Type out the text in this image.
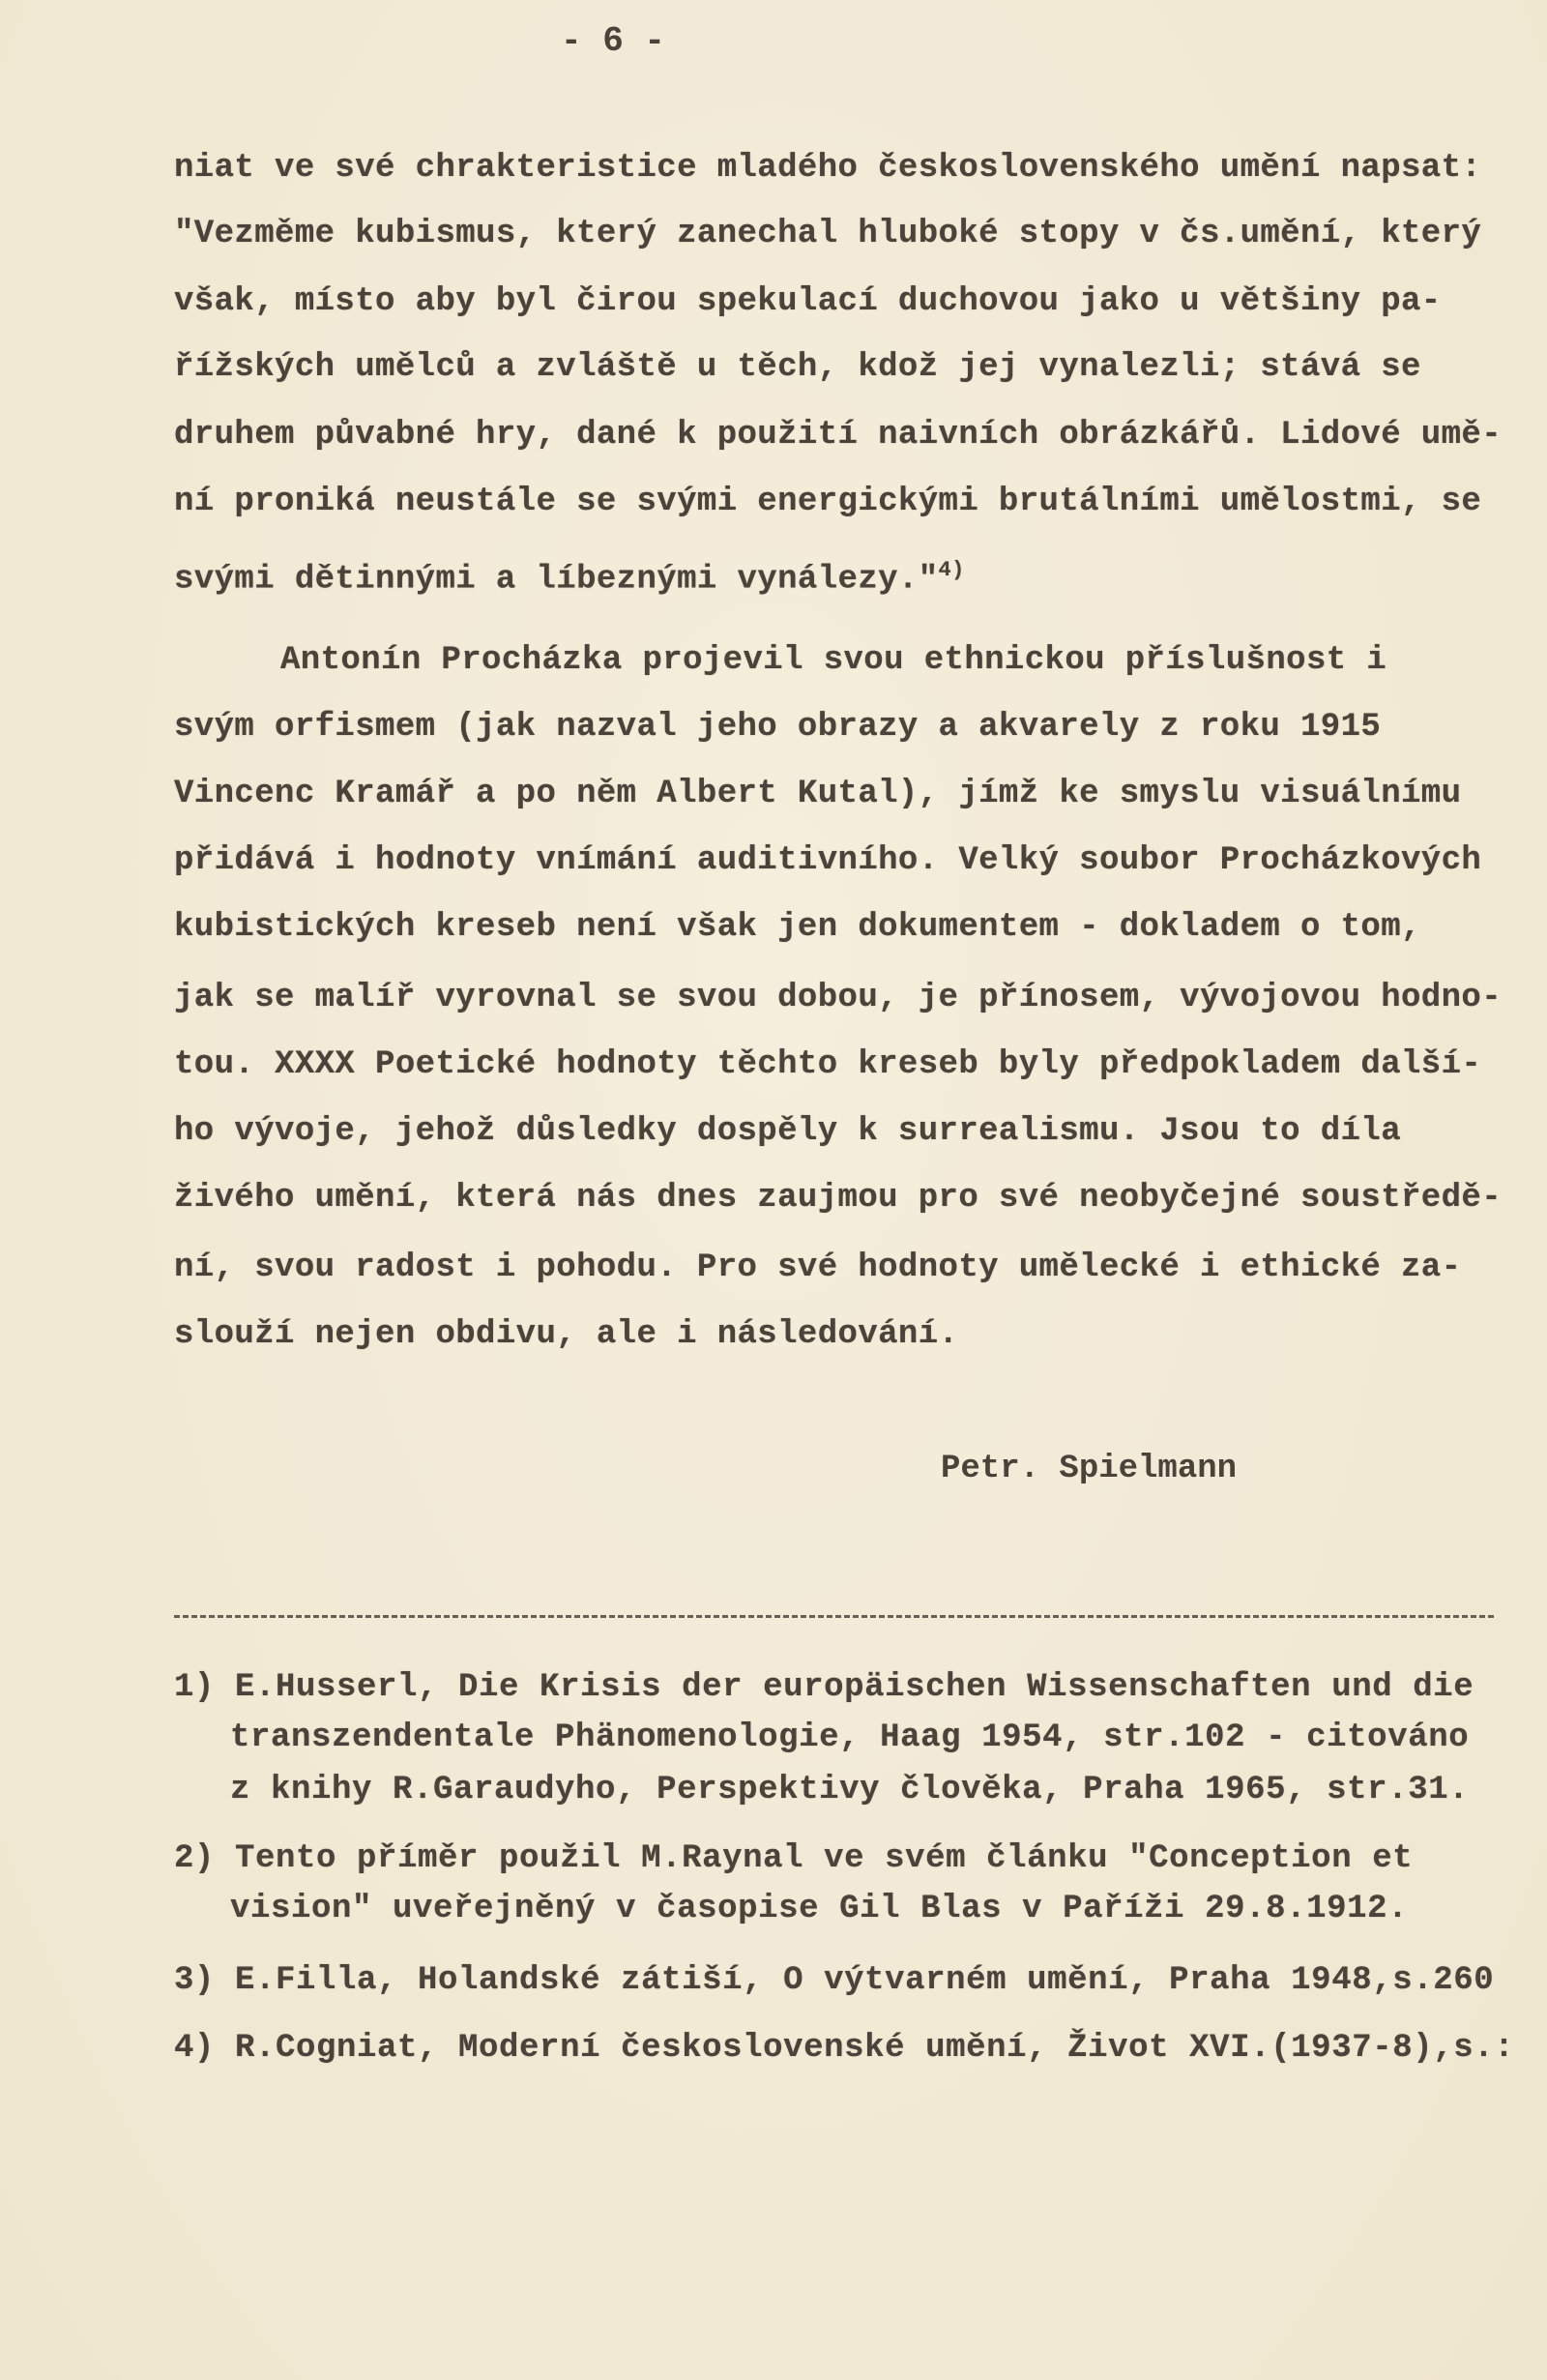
- 6 -
niat ve své chrakteristice mladého československého umění napsat:
"Vezměme kubismus, který zanechal hluboké stopy v čs.umění, který
však, místo aby byl čirou spekulací duchovou jako u většiny pa-
řížských umělců a zvláště u těch, kdož jej vynalezli; stává se
druhem půvabné hry, dané k použití naivních obrázkářů. Lidové umě-
ní proniká neustále se svými energickými brutálními umělostmi, se
svými dětinnými a líbeznými vynálezy."$^{4)}$
Antonín Procházka projevil svou ethnickou příslušnost i
svým orfismem (jak nazval jeho obrazy a akvarely z roku 1915
Vincenc Kramář a po něm Albert Kutal), jímž ke smyslu visuálnímu
přidává i hodnoty vnímání auditivního. Velký soubor Procházkových
kubistických kreseb není však jen dokumentem - dokladem o tom,
jak se malíř vyrovnal se svou dobou, je přínosem, vývojovou hodno-
tou. XXXX Poetické hodnoty těchto kreseb byly předpokladem další-
ho vývoje, jehož důsledky dospěly k surrealismu. Jsou to díla
živého umění, která nás dnes zaujmou pro své neobyčejné soustředě-
ní, svou radost i pohodu. Pro své hodnoty umělecké i ethické za-
slouží nejen obdivu, ale i následování.
Petr. Spielmann
1) E.Husserl, Die Krisis der europäischen Wissenschaften und die
transzendentale Phänomenologie, Haag 1954, str.102 - citováno
z knihy R.Garaudyho, Perspektivy člověka, Praha 1965, str.31.
2) Tento příměr použil M.Raynal ve svém článku "Conception et
vision" uveřejněný v časopise Gil Blas v Paříži 29.8.1912.
3) E.Filla, Holandské zátiší, O výtvarném umění, Praha 1948,s.260
4) R.Cogniat, Moderní československé umění, Život XVI.(1937-8),s.:
